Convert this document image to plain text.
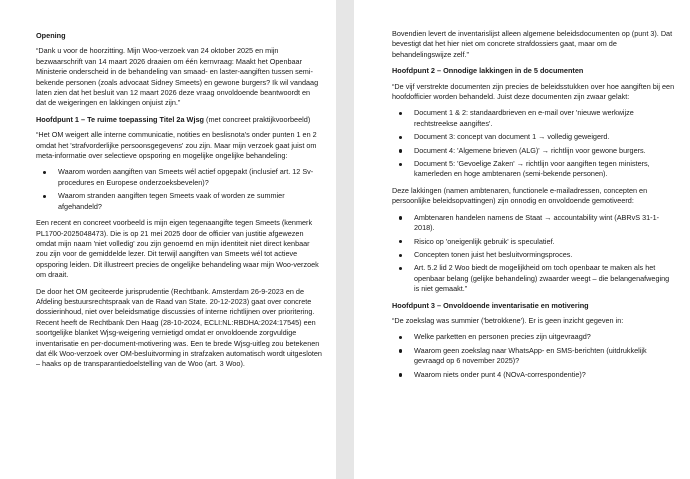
Opening

“Dank u voor de hoorzitting. Mijn Woo-verzoek van 24 oktober 2025 en mijn bezwaarschrift van 14 maart 2026 draaien om één kernvraag: Maakt het Openbaar Ministerie onderscheid in de behandeling van smaad- en laster-aangiften tussen semi-bekende personen (zoals advocaat Sidney Smeets) en gewone burgers? Ik wil vandaag laten zien dat het besluit van 12 maart 2026 deze vraag onvoldoende beantwoordt en dat de weigeringen en lakkingen onjuist zijn.”

Hoofdpunt 1 – Te ruime toepassing Titel 2a Wjsg (met concreet praktijkvoorbeeld)

“Het OM weigert alle interne communicatie, notities en beslisnota's onder punten 1 en 2 omdat het 'strafvorderlijke persoonsgegevens' zou zijn. Maar mijn verzoek gaat juist om meta-informatie over selectieve opsporing en mogelijke ongelijke behandeling:

Waarom worden aangiften van Smeets wél actief opgepakt (inclusief art. 12 Sv-procedures en Europese onderzoeksbevelen)?
Waarom stranden aangiften tegen Smeets vaak of worden ze summier afgehandeld?

Een recent en concreet voorbeeld is mijn eigen tegenaangifte tegen Smeets (kenmerk PL1700-2025048473). Die is op 21 mei 2025 door de officier van justitie afgewezen omdat mijn naam 'niet volledig' zou zijn genoemd en mijn identiteit niet direct kenbaar zou zijn voor de gemiddelde lezer. Dit terwijl aangiften van Smeets wél tot actieve opsporing leiden. Dit illustreert precies de ongelijke behandeling waar mijn Woo-verzoek om draait.

De door het OM geciteerde jurisprudentie (Rechtbank. Amsterdam 26-9-2023 en de Afdeling bestuursrechtspraak van de Raad van State. 20-12-2023) gaat over concrete dossierinhoud, niet over beleidsmatige discussies of interne richtlijnen over prioritering. Recent heeft de Rechtbank Den Haag (28-10-2024, ECLI:NL:RBDHA:2024:17545) een soortgelijke blanket Wjsg-weigering vernietigd omdat er onvoldoende zorgvuldige inventarisatie en per-document-motivering was. Een te brede Wjsg-uitleg zou betekenen dat élk Woo-verzoek over OM-besluitvorming in strafzaken automatisch wordt uitgesloten – haaks op de transparantiedoelstelling van de Woo (art. 3 Woo).

Bovendien levert de inventarislijst alleen algemene beleidsdocumenten op (punt 3). Dat bevestigt dat het hier niet om concrete strafdossiers gaat, maar om de behandelingswijze zelf.”

Hoofdpunt 2 – Onnodige lakkingen in de 5 documenten

“De vijf verstrekte documenten zijn precies de beleidsstukken over hoe aangiften bij een hoofdofficier worden behandeld. Juist deze documenten zijn zwaar gelakt:

Document 1 & 2: standaardbrieven en e-mail over 'nieuwe werkwijze rechtstreekse aangiftes'.
Document 3: concept van document 1 → volledig geweigerd.
Document 4: 'Algemene brieven (ALG)' → richtlijn voor gewone burgers.
Document 5: 'Gevoelige Zaken' → richtlijn voor aangiften tegen ministers, kamerleden en hoge ambtenaren (semi-bekende personen).

Deze lakkingen (namen ambtenaren, functionele e-mailadressen, concepten en persoonlijke beleidsopvattingen) zijn onnodig en onvoldoende gemotiveerd:

Ambtenaren handelen namens de Staat → accountability wint (ABRvS 31-1-2018).
Risico op 'oneigenlijk gebruik' is speculatief.
Concepten tonen juist het besluitvormingsproces.
Art. 5.2 lid 2 Woo biedt de mogelijkheid om toch openbaar te maken als het openbaar belang (gelijke behandeling) zwaarder weegt – die belangenafweging is niet gemaakt.”

Hoofdpunt 3 – Onvoldoende inventarisatie en motivering

“De zoekslag was summier ('betrokkene'). Er is geen inzicht gegeven in:

Welke parketten en personen precies zijn uitgevraagd?
Waarom geen zoekslag naar WhatsApp- en SMS-berichten (uitdrukkelijk gevraagd op 6 november 2025)?
Waarom niets onder punt 4 (NOvA-correspondentie)?
